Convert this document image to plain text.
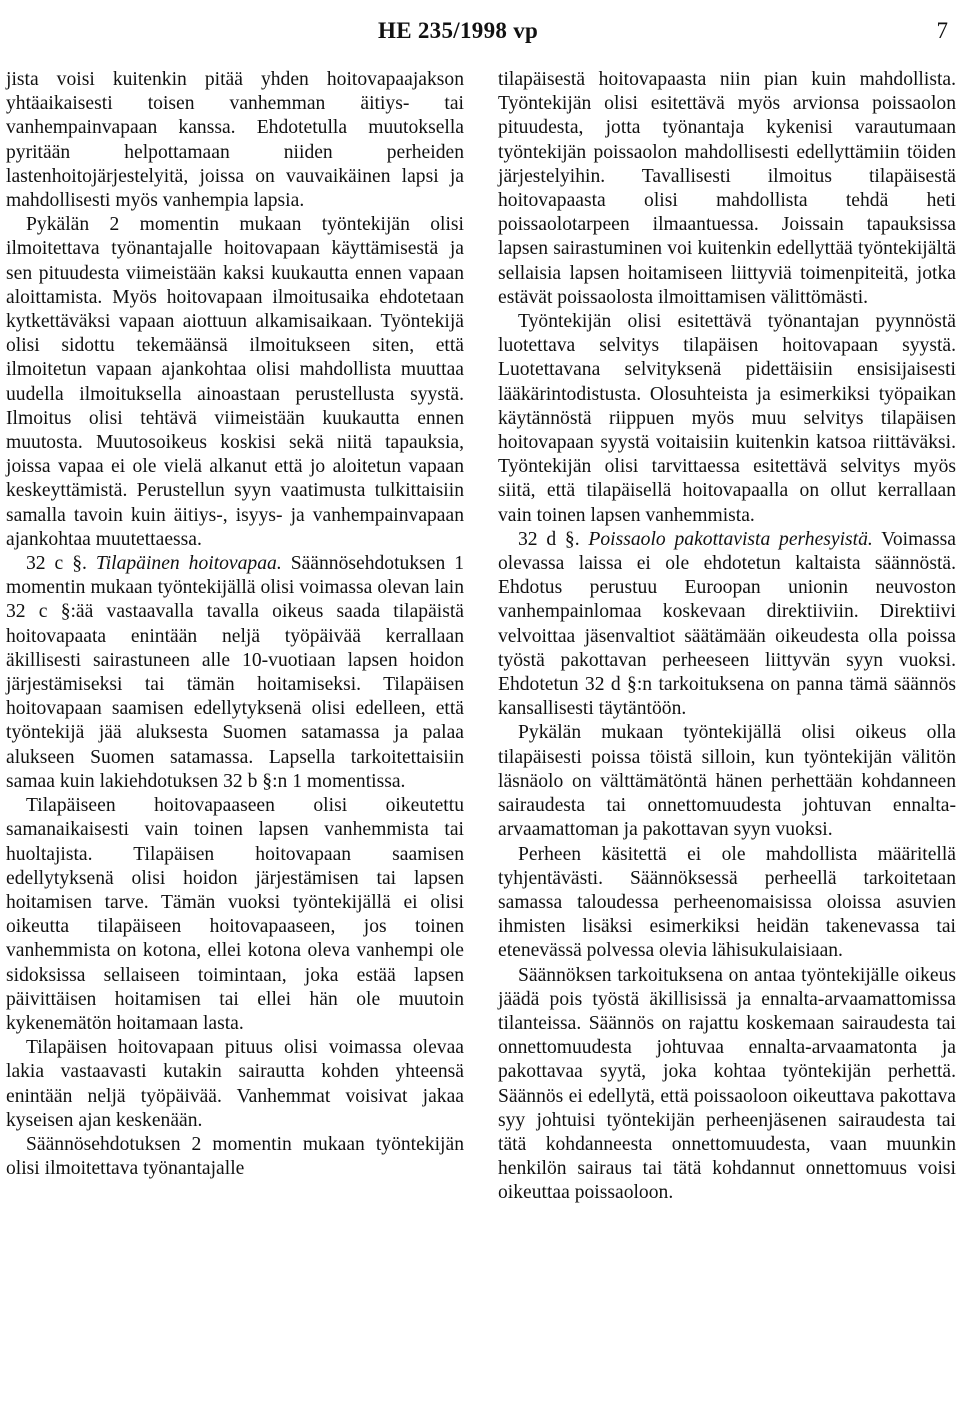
HE 235/1998 vp	7

jista voisi kuitenkin pitää yhden hoitovapaajakson yhtäaikaisesti toisen vanhemman äitiys- tai vanhempainvapaan kanssa. Ehdotetulla muutoksella pyritään helpottamaan niiden perheiden lastenhoitojärjestelyitä, joissa on vauvaikäinen lapsi ja mahdollisesti myös vanhempia lapsia.

Pykälän 2 momentin mukaan työntekijän olisi ilmoitettava työnantajalle hoitovapaan käyttämisestä ja sen pituudesta viimeistään kaksi kuukautta ennen vapaan aloittamista. Myös hoitovapaan ilmoitusaika ehdotetaan kytkettäväksi vapaan aiottuun alkamisaikaan. Työntekijä olisi sidottu tekemäänsä ilmoitukseen siten, että ilmoitetun vapaan ajankohtaa olisi mahdollista muuttaa uudella ilmoituksella ainoastaan perustellusta syystä. Ilmoitus olisi tehtävä viimeistään kuukautta ennen muutosta. Muutosoikeus koskisi sekä niitä tapauksia, joissa vapaa ei ole vielä alkanut että jo aloitetun vapaan keskeyttämistä. Perustellun syyn vaatimusta tulkittaisiin samalla tavoin kuin äitiys-, isyys- ja vanhempainvapaan ajankohtaa muutettaessa.

32 c §. Tilapäinen hoitovapaa. Säännösehdotuksen 1 momentin mukaan työntekijällä olisi voimassa olevan lain 32 c §:ää vastaavalla tavalla oikeus saada tilapäistä hoitovapaata enintään neljä työpäivää kerrallaan äkillisesti sairastuneen alle 10-vuotiaan lapsen hoidon järjestämiseksi tai tämän hoitamiseksi. Tilapäisen hoitovapaan saamisen edellytyksenä olisi edelleen, että työntekijä jää aluksesta Suomen satamassa ja palaa alukseen Suomen satamassa. Lapsella tarkoitettaisiin samaa kuin lakiehdotuksen 32 b §:n 1 momentissa.

Tilapäiseen hoitovapaaseen olisi oikeutettu samanaikaisesti vain toinen lapsen vanhemmista tai huoltajista. Tilapäisen hoitovapaan saamisen edellytyksenä olisi hoidon järjestämisen tai lapsen hoitamisen tarve. Tämän vuoksi työntekijällä ei olisi oikeutta tilapäiseen hoitovapaaseen, jos toinen vanhemmista on kotona, ellei kotona oleva vanhempi ole sidoksissa sellaiseen toimintaan, joka estää lapsen päivittäisen hoitamisen tai ellei hän ole muutoin kykenemätön hoitamaan lasta.

Tilapäisen hoitovapaan pituus olisi voimassa olevaa lakia vastaavasti kutakin sairautta kohden yhteensä enintään neljä työpäivää. Vanhemmat voisivat jakaa kyseisen ajan keskenään.

Säännösehdotuksen 2 momentin mukaan työntekijän olisi ilmoitettava työnantajalle

tilapäisestä hoitovapaasta niin pian kuin mahdollista. Työntekijän olisi esitettävä myös arvionsa poissaolon pituudesta, jotta työnantaja kykenisi varautumaan työntekijän poissaolon mahdollisesti edellyttämiin töiden järjestelyihin. Tavallisesti ilmoitus tilapäisestä hoitovapaasta olisi mahdollista tehdä heti poissaolotarpeen ilmaantuessa. Joissain tapauksissa lapsen sairastuminen voi kuitenkin edellyttää työntekijältä sellaisia lapsen hoitamiseen liittyviä toimenpiteitä, jotka estävät poissaolosta ilmoittamisen välittömästi.

Työntekijän olisi esitettävä työnantajan pyynnöstä luotettava selvitys tilapäisen hoitovapaan syystä. Luotettavana selvityksenä pidettäisiin ensisijaisesti lääkärintodistusta. Olosuhteista ja esimerkiksi työpaikan käytännöstä riippuen myös muu selvitys tilapäisen hoitovapaan syystä voitaisiin kuitenkin katsoa riittäväksi. Työntekijän olisi tarvittaessa esitettävä selvitys myös siitä, että tilapäisellä hoitovapaalla on ollut kerrallaan vain toinen lapsen vanhemmista.

32 d §. Poissaolo pakottavista perhesyistä. Voimassa olevassa laissa ei ole ehdotetun kaltaista säännöstä. Ehdotus perustuu Euroopan unionin neuvoston vanhempainlomaa koskevaan direktiiviin. Direktiivi velvoittaa jäsenvaltiot säätämään oikeudesta olla poissa työstä pakottavan perheeseen liittyvän syyn vuoksi. Ehdotetun 32 d §:n tarkoituksena on panna tämä säännös kansallisesti täytäntöön.

Pykälän mukaan työntekijällä olisi oikeus olla tilapäisesti poissa töistä silloin, kun työntekijän välitön läsnäolo on välttämätöntä hänen perhettään kohdanneen sairaudesta tai onnettomuudesta johtuvan ennalta-arvaamattoman ja pakottavan syyn vuoksi.

Perheen käsitettä ei ole mahdollista määritellä tyhjentävästi. Säännöksessä perheellä tarkoitetaan samassa taloudessa perheenomaisissa oloissa asuvien ihmisten lisäksi esimerkiksi heidän takenevassa tai etenevässä polvessa olevia lähisukulaisiaan.

Säännöksen tarkoituksena on antaa työntekijälle oikeus jäädä pois työstä äkillisissä ja ennalta-arvaamattomissa tilanteissa. Säännös on rajattu koskemaan sairaudesta tai onnettomuudesta johtuvaa ennalta-arvaamatonta ja pakottavaa syytä, joka kohtaa työntekijän perhettä. Säännös ei edellytä, että poissaoloon oikeuttava pakottava syy johtuisi työntekijän perheenjäsenen sairaudesta tai tätä kohdanneesta onnettomuudesta, vaan muunkin henkilön sairaus tai tätä kohdannut onnettomuus voisi oikeuttaa poissaoloon.
